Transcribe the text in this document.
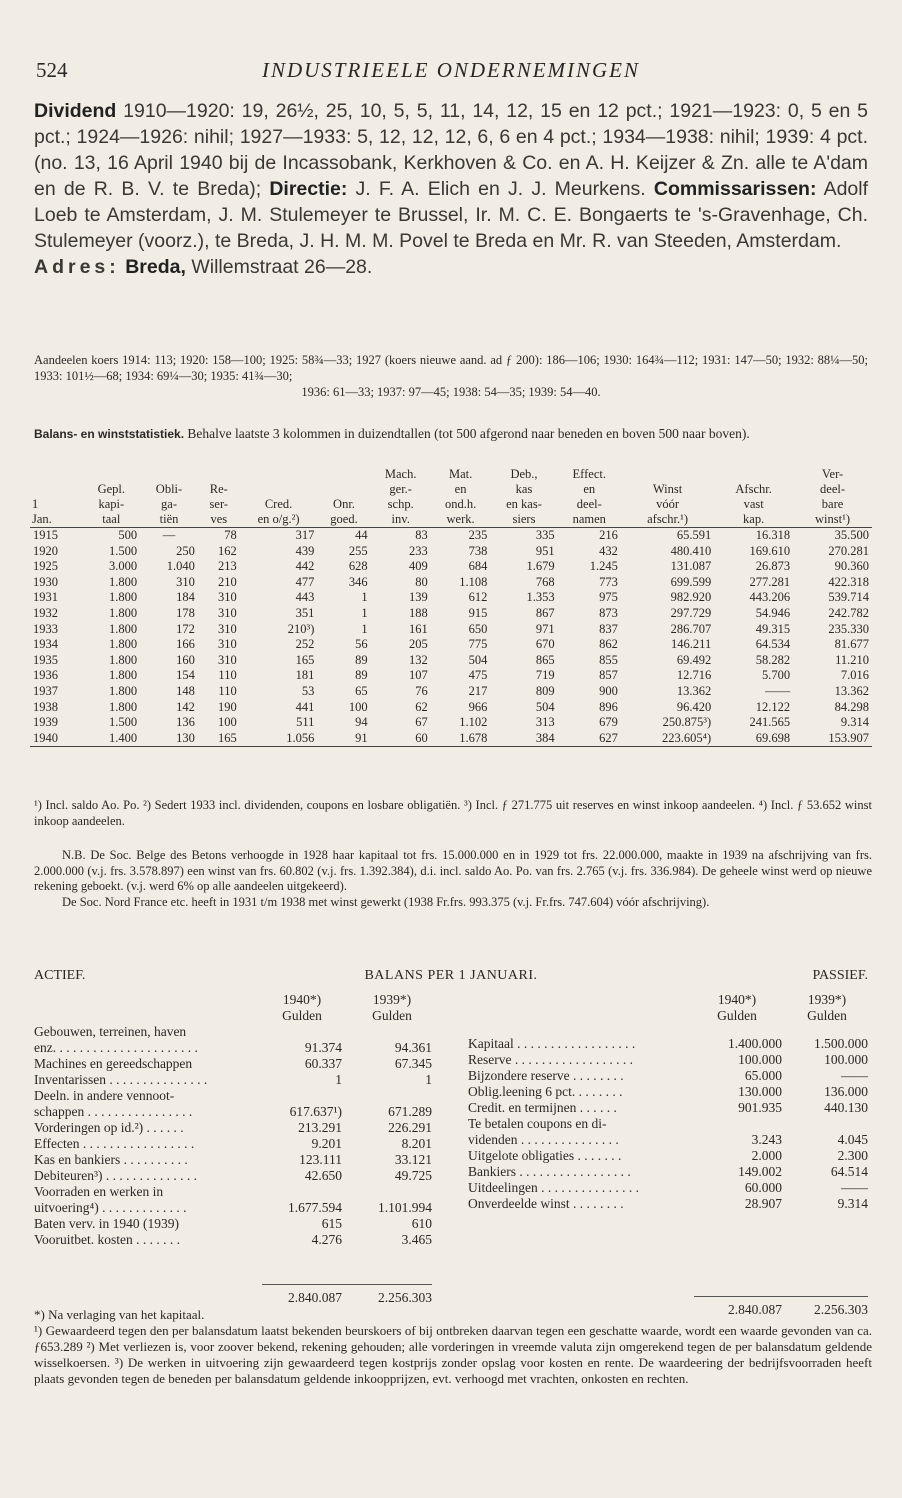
524	INDUSTRIEELE ONDERNEMINGEN

Dividend 1910—1920: 19, 26½, 25, 10, 5, 5, 11, 14, 12, 15 en 12 pct.; 1921—1923: 0, 5 en 5 pct.; 1924—1926: nihil; 1927—1933: 5, 12, 12, 12, 6, 6 en 4 pct.; 1934—1938: nihil; 1939: 4 pct. (no. 13, 16 April 1940 bij de Incassobank, Kerkhoven & Co. en A. H. Keijzer & Zn. alle te A'dam en de R. B. V. te Breda); Directie: J. F. A. Elich en J. J. Meurkens. Commissarissen: Adolf Loeb te Amsterdam, J. M. Stulemeyer te Brussel, Ir. M. C. E. Bongaerts te 's-Gravenhage, Ch. Stulemeyer (voorz.), te Breda, J. H. M. M. Povel te Breda en Mr. R. van Steeden, Amsterdam.

Adres: Breda, Willemstraat 26—28.

Aandeelen koers 1914: 113; 1920: 158—100; 1925: 58¾—33; 1927 (koers nieuwe aand. ad ƒ 200): 186—106; 1930: 164¾—112; 1931: 147—50; 1932: 88¼—50; 1933: 101½—68; 1934: 69¼—30; 1935: 41¾—30;
1936: 61—33; 1937: 97—45; 1938: 54—35; 1939: 54—40.
Balans- en winststatistiek. Behalve laatste 3 kolommen in duizendtallen (tot 500 afgerond naar beneden en boven 500 naar boven).
						Mach.	Mat.	Deb.,	Effect.			Ver-
	Gepl.	Obli-	Re-			ger.-	en	kas	en	Winst	Afschr.	deel-
1	kapi-	ga-	ser-	Cred.	Onr.	schp.	ond.h.	en kas-	deel-	vóór	vast	bare
Jan.	taal	tiën	ves	en o/g.²)	goed.	inv.	werk.	siers	namen	afschr.¹)	kap.	winst¹)
1915	500	—	78	317	44	83	235	335	216	65.591	16.318	35.500
1920	1.500	250	162	439	255	233	738	951	432	480.410	169.610	270.281
1925	3.000	1.040	213	442	628	409	684	1.679	1.245	131.087	26.873	90.360
1930	1.800	310	210	477	346	80	1.108	768	773	699.599	277.281	422.318
1931	1.800	184	310	443	1	139	612	1.353	975	982.920	443.206	539.714
1932	1.800	178	310	351	1	188	915	867	873	297.729	54.946	242.782
1933	1.800	172	310	210³)	1	161	650	971	837	286.707	49.315	235.330
1934	1.800	166	310	252	56	205	775	670	862	146.211	64.534	81.677
1935	1.800	160	310	165	89	132	504	865	855	69.492	58.282	11.210
1936	1.800	154	110	181	89	107	475	719	857	12.716	5.700	7.016
1937	1.800	148	110	53	65	76	217	809	900	13.362	——	13.362
1938	1.800	142	190	441	100	62	966	504	896	96.420	12.122	84.298
1939	1.500	136	100	511	94	67	1.102	313	679	250.875³)	241.565	9.314
1940	1.400	130	165	1.056	91	60	1.678	384	627	223.605⁴)	69.698	153.907
¹) Incl. saldo Ao. Po. ²) Sedert 1933 incl. dividenden, coupons en losbare obligatiën. ³) Incl. ƒ 271.775 uit reserves en winst inkoop aandeelen. ⁴) Incl. ƒ 53.652 winst inkoop aandeelen.

N.B. De Soc. Belge des Betons verhoogde in 1928 haar kapitaal tot frs. 15.000.000 en in 1929 tot frs. 22.000.000, maakte in 1939 na afschrijving van frs. 2.000.000 (v.j. frs. 3.578.897) een winst van frs. 60.802 (v.j. frs. 1.392.384), d.i. incl. saldo Ao. Po. van frs. 2.765 (v.j. frs. 336.984). De geheele winst werd op nieuwe rekening geboekt. (v.j. werd 6% op alle aandeelen uitgekeerd).

De Soc. Nord France etc. heeft in 1931 t/m 1938 met winst gewerkt (1938 Fr.frs. 993.375 (v.j. Fr.frs. 747.604) vóór afschrijving).

ACTIEF.	BALANS PER 1 JANUARI.	PASSIEF.
1940*)	1939*)
Gulden	Gulden
Gebouwen, terreinen, haven
enz. . . . . . . . . . . . . . . . . . . . . .	91.374	94.361
Machines en gereedschappen	60.337	67.345
Inventarissen . . . . . . . . . . . . . . .	1	1
Deeln. in andere vennoot-
schappen . . . . . . . . . . . . . . . .	617.637¹)	671.289
Vorderingen op id.²) . . . . . .	213.291	226.291
Effecten . . . . . . . . . . . . . . . . .	9.201	8.201
Kas en bankiers . . . . . . . . . .	123.111	33.121
Debiteuren³) . . . . . . . . . . . . . .	42.650	49.725
Voorraden en werken in
uitvoering⁴) . . . . . . . . . . . . .	1.677.594	1.101.994
Baten verv. in 1940 (1939)	615	610
Vooruitbet. kosten . . . . . . .	4.276	3.465
2.840.087	2.256.303
1940*)	1939*)
Gulden	Gulden
Kapitaal . . . . . . . . . . . . . . . . . .	1.400.000	1.500.000
Reserve . . . . . . . . . . . . . . . . . .	100.000	100.000
Bijzondere reserve . . . . . . . .	65.000	——
Oblig.leening 6 pct. . . . . . . .	130.000	136.000
Credit. en termijnen . . . . . .	901.935	440.130
Te betalen coupons en di-
videnden . . . . . . . . . . . . . . .	3.243	4.045
Uitgelote obligaties . . . . . . .	2.000	2.300
Bankiers . . . . . . . . . . . . . . . . .	149.002	64.514
Uitdeelingen . . . . . . . . . . . . . . .	60.000	——
Onverdeelde winst . . . . . . . .	28.907	9.314
2.840.087	2.256.303

*) Na verlaging van het kapitaal.

¹) Gewaardeerd tegen den per balansdatum laatst bekenden beurskoers of bij ontbreken daarvan tegen een geschatte waarde, wordt een waarde gevonden van ca. ƒ653.289 ²) Met verliezen is, voor zoover bekend, rekening gehouden; alle vorderingen in vreemde valuta zijn omgerekend tegen de per balansdatum geldende wisselkoersen. ³) De werken in uitvoering zijn gewaardeerd tegen kostprijs zonder opslag voor kosten en rente. De waardeering der bedrijfsvoorraden heeft plaats gevonden tegen de beneden per balansdatum geldende inkoopprijzen, evt. verhoogd met vrachten, onkosten en rechten.
